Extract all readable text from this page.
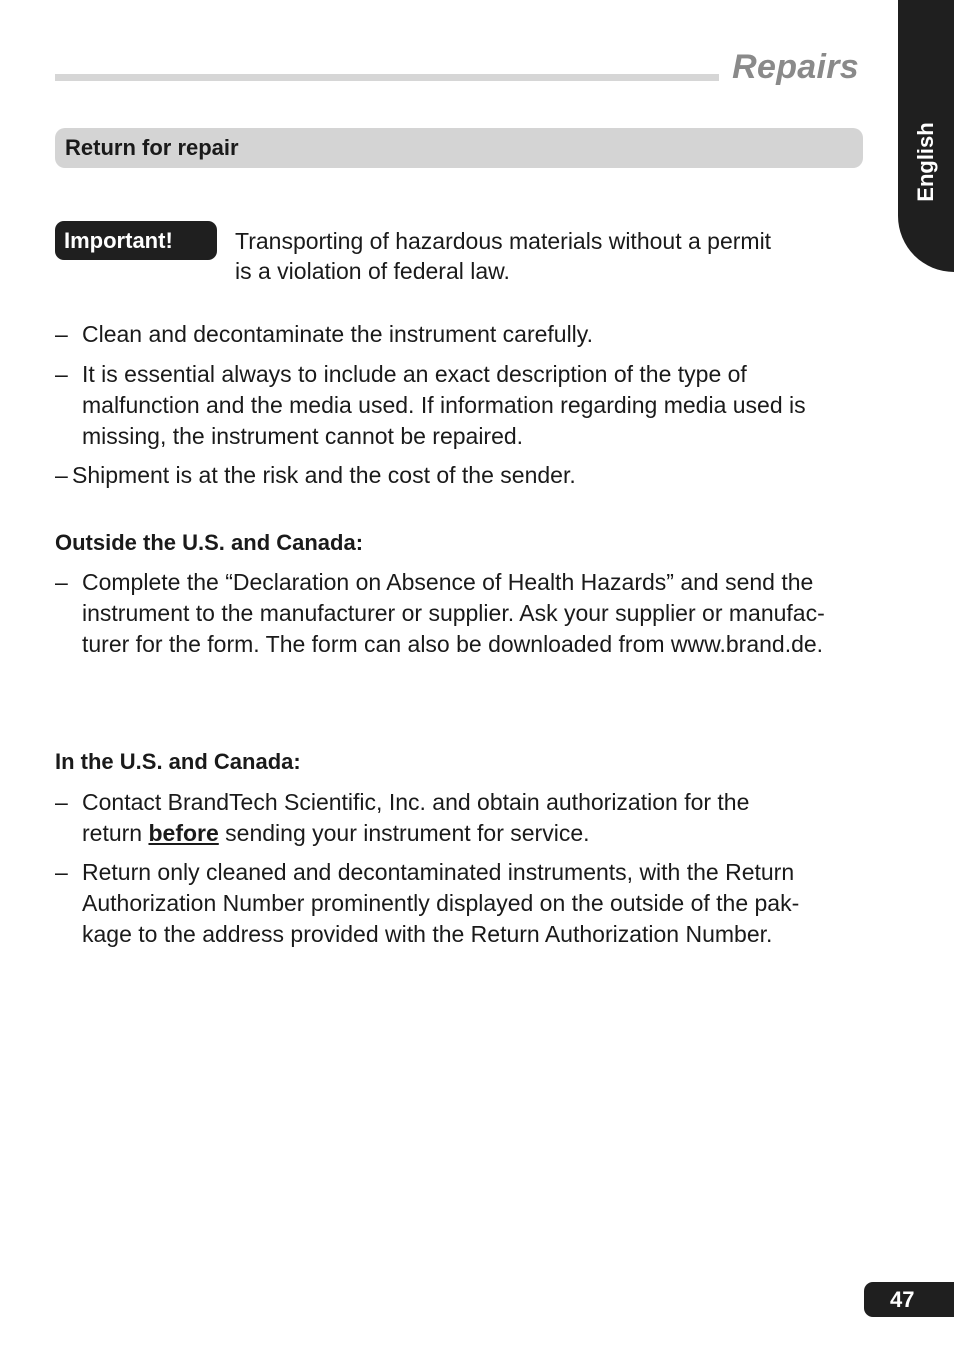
Repairs
English
Return for repair
Important!	Transporting of hazardous materials without a permit
is a violation of federal law.
– Clean and decontaminate the instrument carefully.
– It is essential always to include an exact description of the type of
malfunction and the media used. If information regarding media used is
missing, the instrument cannot be repaired.
– Shipment is at the risk and the cost of the sender.
Outside the U.S. and Canada:
– Complete the “Declaration on Absence of Health Hazards” and send the
instrument to the manufacturer or supplier. Ask your supplier or manufac-
turer for the form. The form can also be downloaded from www.brand.de.
In the U.S. and Canada:
– Contact BrandTech Scientific, Inc. and obtain authorization for the
return before sending your instrument for service.
– Return only cleaned and decontaminated instruments, with the Return
Authorization Number prominently displayed on the outside of the pak-
kage to the address provided with the Return Authorization Number.
47
